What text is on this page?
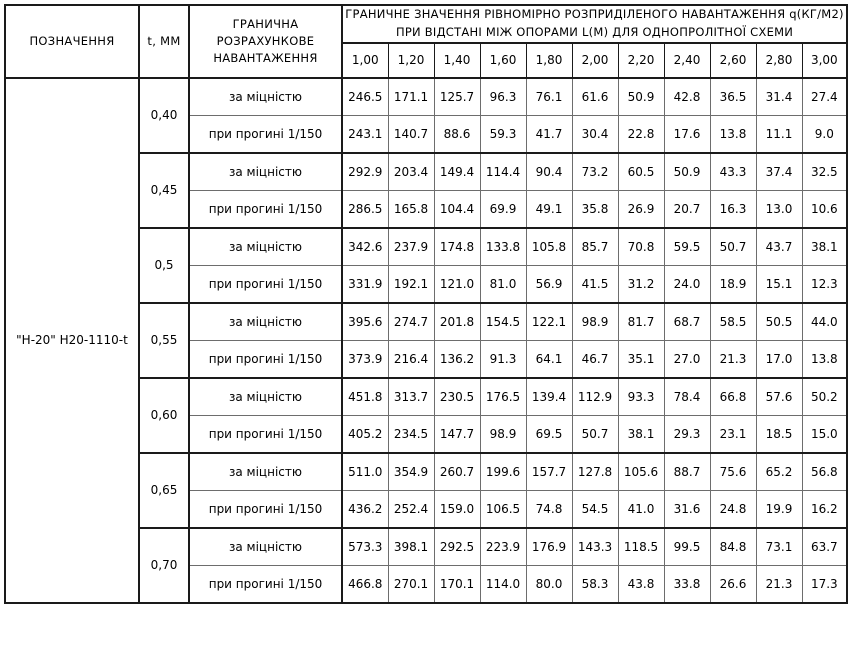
ПОЗНАЧЕННЯ	t, ММ	ГРАНИЧНА РОЗРАХУНКОВЕ НАВАНТАЖЕННЯ	ГРАНИЧНЕ ЗНАЧЕННЯ РІВНОМІРНО РОЗПРИДІЛЕНОГО НАВАНТАЖЕННЯ q(КГ/М2) ПРИ ВІДСТАНІ МІЖ ОПОРАМИ L(М) ДЛЯ ОДНОПРОЛІТНОЇ СХЕМИ										
			1,00	1,20	1,40	1,60	1,80	2,00	2,20	2,40	2,60	2,80	3,00
"Н-20" Н20-1110-t	0,40	за міцністю	246.5	171.1	125.7	96.3	76.1	61.6	50.9	42.8	36.5	31.4	27.4
		при прогині 1/150	243.1	140.7	88.6	59.3	41.7	30.4	22.8	17.6	13.8	11.1	9.0
	0,45	за міцністю	292.9	203.4	149.4	114.4	90.4	73.2	60.5	50.9	43.3	37.4	32.5
		при прогині 1/150	286.5	165.8	104.4	69.9	49.1	35.8	26.9	20.7	16.3	13.0	10.6
	0,5	за міцністю	342.6	237.9	174.8	133.8	105.8	85.7	70.8	59.5	50.7	43.7	38.1
		при прогині 1/150	331.9	192.1	121.0	81.0	56.9	41.5	31.2	24.0	18.9	15.1	12.3
	0,55	за міцністю	395.6	274.7	201.8	154.5	122.1	98.9	81.7	68.7	58.5	50.5	44.0
		при прогині 1/150	373.9	216.4	136.2	91.3	64.1	46.7	35.1	27.0	21.3	17.0	13.8
	0,60	за міцністю	451.8	313.7	230.5	176.5	139.4	112.9	93.3	78.4	66.8	57.6	50.2
		при прогині 1/150	405.2	234.5	147.7	98.9	69.5	50.7	38.1	29.3	23.1	18.5	15.0
	0,65	за міцністю	511.0	354.9	260.7	199.6	157.7	127.8	105.6	88.7	75.6	65.2	56.8
		при прогині 1/150	436.2	252.4	159.0	106.5	74.8	54.5	41.0	31.6	24.8	19.9	16.2
	0,70	за міцністю	573.3	398.1	292.5	223.9	176.9	143.3	118.5	99.5	84.8	73.1	63.7
		при прогині 1/150	466.8	270.1	170.1	114.0	80.0	58.3	43.8	33.8	26.6	21.3	17.3
